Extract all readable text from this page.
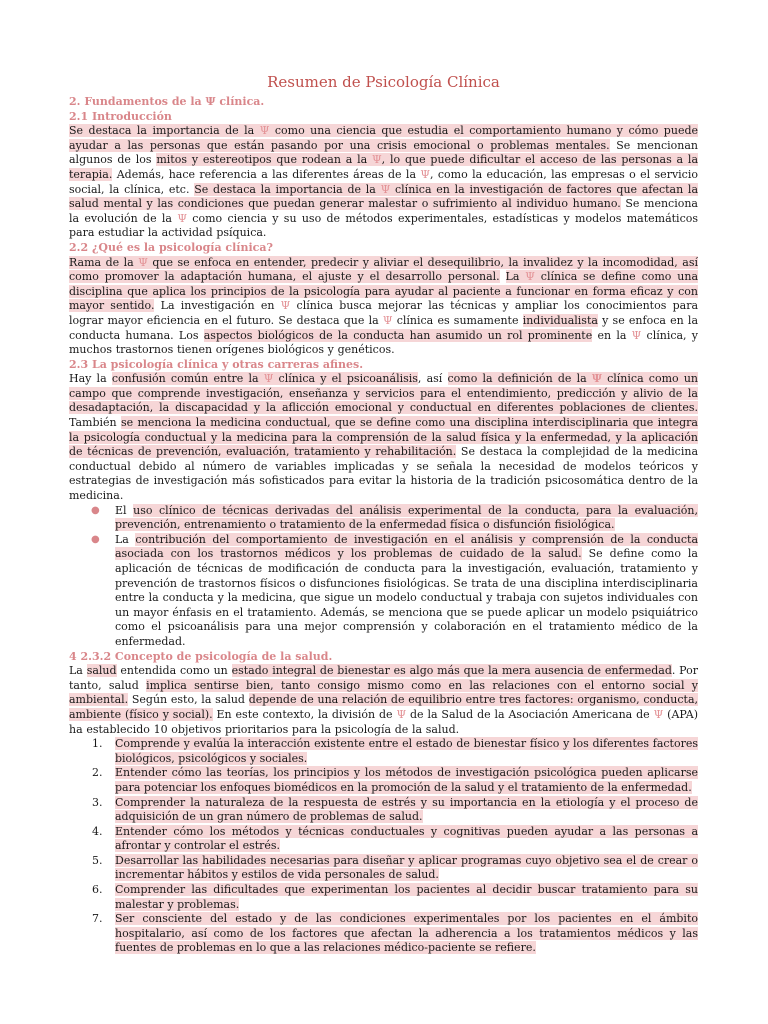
Resumen de Psicología Clínica
2. Fundamentos de la Ψ clínica.
2.1 Introducción

Se destaca la importancia de la Ψ como una ciencia que estudia el comportamiento humano y cómo puede ayudar a las personas que están pasando por una crisis emocional o problemas mentales. Se mencionan algunos de los mitos y estereotipos que rodean a la Ψ, lo que puede dificultar el acceso de las personas a la terapia. Además, hace referencia a las diferentes áreas de la Ψ, como la educación, las empresas o el servicio social, la clínica, etc. Se destaca la importancia de la Ψ clínica en la investigación de factores que afectan la salud mental y las condiciones que puedan generar malestar o sufrimiento al individuo humano. Se menciona la evolución de la Ψ como ciencia y su uso de métodos experimentales, estadísticas y modelos matemáticos para estudiar la actividad psíquica.

2.2 ¿Qué es la psicología clínica?

Rama de la Ψ que se enfoca en entender, predecir y aliviar el desequilibrio, la invalidez y la incomodidad, así como promover la adaptación humana, el ajuste y el desarrollo personal. La Ψ clínica se define como una disciplina que aplica los principios de la psicología para ayudar al paciente a funcionar en forma eficaz y con mayor sentido. La investigación en Ψ clínica busca mejorar las técnicas y ampliar los conocimientos para lograr mayor eficiencia en el futuro. Se destaca que la Ψ clínica es sumamente individualista y se enfoca en la conducta humana. Los aspectos biológicos de la conducta han asumido un rol prominente en la Ψ clínica, y muchos trastornos tienen orígenes biológicos y genéticos.

2.3 La psicología clínica y otras carreras afines.

Hay la confusión común entre la Ψ clínica y el psicoanálisis, así como la definición de la Ψ clínica como un campo que comprende investigación, enseñanza y servicios para el entendimiento, predicción y alivio de la desadaptación, la discapacidad y la aflicción emocional y conductual en diferentes poblaciones de clientes. También se menciona la medicina conductual, que se define como una disciplina interdisciplinaria que integra la psicología conductual y la medicina para la comprensión de la salud física y la enfermedad, y la aplicación de técnicas de prevención, evaluación, tratamiento y rehabilitación. Se destaca la complejidad de la medicina conductual debido al número de variables implicadas y se señala la necesidad de modelos teóricos y estrategias de investigación más sofisticados para evitar la historia de la tradición psicosomática dentro de la medicina.

● El uso clínico de técnicas derivadas del análisis experimental de la conducta, para la evaluación, prevención, entrenamiento o tratamiento de la enfermedad física o disfunción fisiológica.
● La contribución del comportamiento de investigación en el análisis y comprensión de la conducta asociada con los trastornos médicos y los problemas de cuidado de la salud. Se define como la aplicación de técnicas de modificación de conducta para la investigación, evaluación, tratamiento y prevención de trastornos físicos o disfunciones fisiológicas. Se trata de una disciplina interdisciplinaria entre la conducta y la medicina, que sigue un modelo conductual y trabaja con sujetos individuales con un mayor énfasis en el tratamiento. Además, se menciona que se puede aplicar un modelo psiquiátrico como el psicoanálisis para una mejor comprensión y colaboración en el tratamiento médico de la enfermedad.
4 2.3.2 Concepto de psicología de la salud.

La salud entendida como un estado integral de bienestar es algo más que la mera ausencia de enfermedad. Por tanto, salud implica sentirse bien, tanto consigo mismo como en las relaciones con el entorno social y ambiental. Según esto, la salud depende de una relación de equilibrio entre tres factores: organismo, conducta, ambiente (físico y social). En este contexto, la división de Ψ de la Salud de la Asociación Americana de Ψ (APA) ha establecido 10 objetivos prioritarios para la psicología de la salud.

1. Comprende y evalúa la interacción existente entre el estado de bienestar físico y los diferentes factores biológicos, psicológicos y sociales.
2. Entender cómo las teorías, los principios y los métodos de investigación psicológica pueden aplicarse para potenciar los enfoques biomédicos en la promoción de la salud y el tratamiento de la enfermedad.
3. Comprender la naturaleza de la respuesta de estrés y su importancia en la etiología y el proceso de adquisición de un gran número de problemas de salud.
4. Entender cómo los métodos y técnicas conductuales y cognitivas pueden ayudar a las personas a afrontar y controlar el estrés.
5. Desarrollar las habilidades necesarias para diseñar y aplicar programas cuyo objetivo sea el de crear o incrementar hábitos y estilos de vida personales de salud.
6. Comprender las dificultades que experimentan los pacientes al decidir buscar tratamiento para su malestar y problemas.
7. Ser consciente del estado y de las condiciones experimentales por los pacientes en el ámbito hospitalario, así como de los factores que afectan la adherencia a los tratamientos médicos y las fuentes de problemas en lo que a las relaciones médico-paciente se refiere.
